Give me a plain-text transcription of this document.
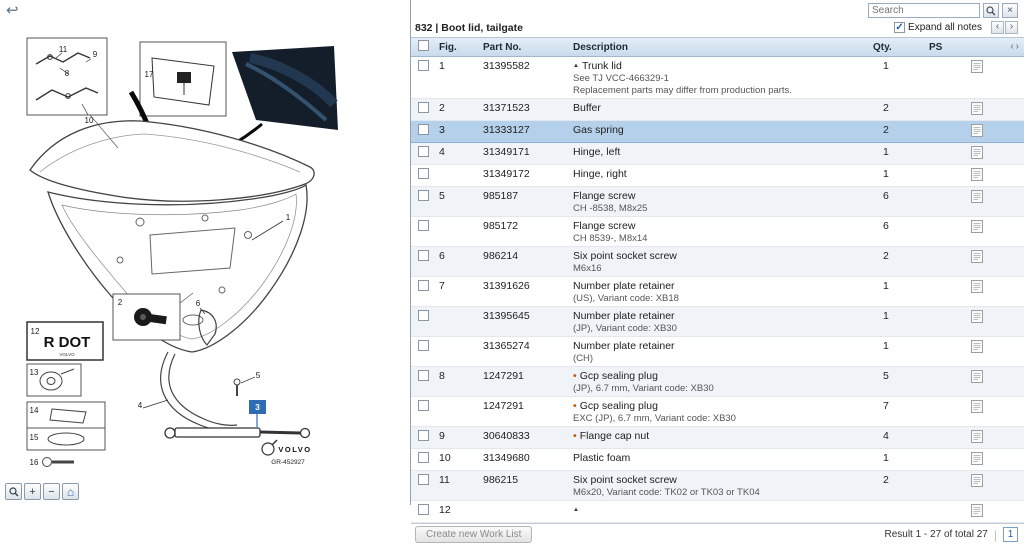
↩
R DOT
VOLVO
VOLVO
GR-452927
11
9
8
10
17
1
2	6
12
13
14
15
16
4
5
3
+	−	⌂
Search
×
832 | Boot lid, tailgate	✓ Expand all notes	‹	›
	Fig.	Part No.	Description	Qty.	PS ‹›

	1	31395582	▲ Trunk lid
See TJ VCC-466329-1
Replacement parts may differ from production parts.	1	
	2	31371523	Buffer	2	
	3	31333127	Gas spring	2	
	4	31349171	Hinge, left	1	
		31349172	Hinge, right	1	
	5	985187	Flange screw
CH -8538, M8x25	6	
		985172	Flange screw
CH 8539-, M8x14	6	
	6	986214	Six point socket screw
M6x16	2	
	7	31391626	Number plate retainer
(US), Variant code: XB18	1	
		31395645	Number plate retainer
(JP), Variant code: XB30	1	
		31365274	Number plate retainer
(CH)	1	
	8	1247291	• Gcp sealing plug
(JP), 6.7 mm, Variant code: XB30	5	
		1247291	• Gcp sealing plug
EXC (JP), 6.7 mm, Variant code: XB30	7	
	9	30640833	• Flange cap nut	4	
	10	31349680	Plastic foam	1	
	11	986215	Six point socket screw
M6x20, Variant code: TK02 or TK03 or TK04	2	
	12		▲

Create new Work List	Result 1 - 27 of total 27 |	1
